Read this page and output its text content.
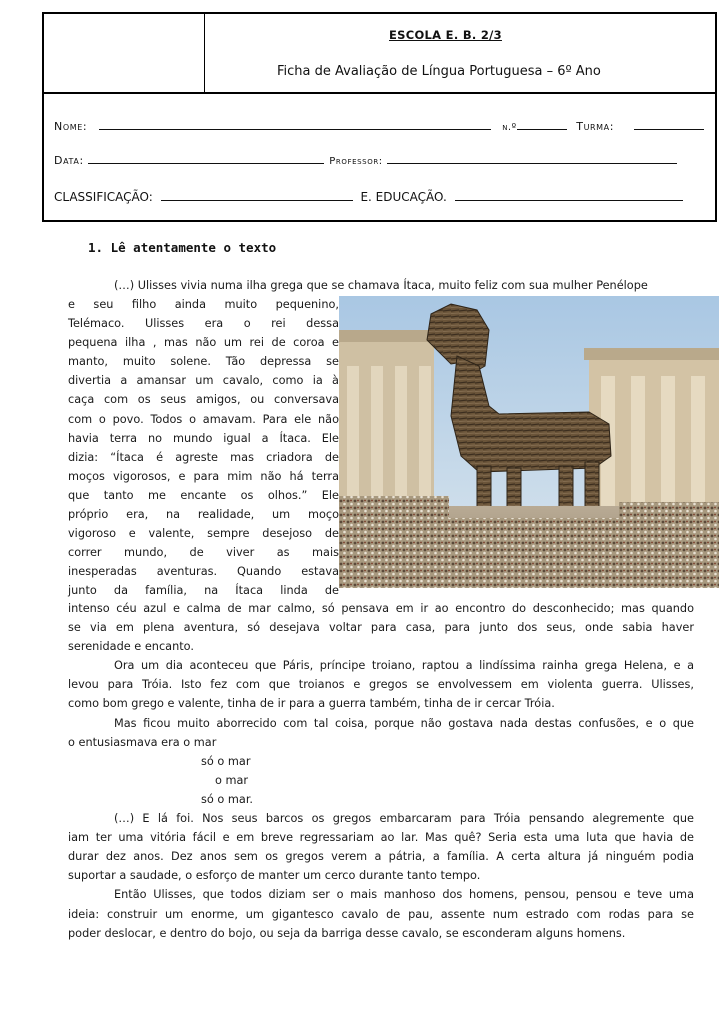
ESCOLA E. B. 2/3
Ficha de Avaliação de Língua Portuguesa – 6º Ano
Nome:	n.º	Turma:
Data:	Professor:
CLASSIFICAÇÃO:	E. EDUCAÇÃO.
1. Lê atentamente o texto
(…) Ulisses vivia numa ilha grega que se chamava Ítaca, muito feliz com sua mulher Penélope
e seu filho ainda muito pequenino,
Telémaco. Ulisses era o rei dessa
pequena ilha , mas não um rei de coroa e
manto, muito solene. Tão depressa se
divertia a amansar um cavalo, como ia à
caça com os seus amigos, ou conversava
com o povo. Todos o amavam. Para ele não
havia terra no mundo igual a Ítaca. Ele
dizia: “Ítaca é agreste mas criadora de
moços vigorosos, e para mim não há terra
que tanto me encante os olhos.” Ele
próprio era, na realidade, um moço
vigoroso e valente, sempre desejoso de
correr mundo, de viver as mais
inesperadas aventuras. Quando estava
junto da família, na Ítaca linda de
intenso céu azul e calma de mar calmo, só pensava em ir ao encontro do desconhecido; mas quando
se via em plena aventura, só desejava voltar para casa, para junto dos seus, onde sabia haver
serenidade e encanto.
Ora um dia aconteceu que Páris, príncipe troiano, raptou a lindíssima rainha grega Helena, e a
levou para Tróia. Isto fez com que troianos e gregos se envolvessem em violenta guerra. Ulisses,
como bom grego e valente, tinha de ir para a guerra também, tinha de ir cercar Tróia.
Mas ficou muito aborrecido com tal coisa, porque não gostava nada destas confusões, e o que
o entusiasmava era o mar
só o mar
o mar
só o mar.
(…) E lá foi. Nos seus barcos os gregos embarcaram para Tróia pensando alegremente que
iam ter uma vitória fácil e em breve regressariam ao lar. Mas quê? Seria esta uma luta que havia de
durar dez anos. Dez anos sem os gregos verem a pátria, a família. A certa altura já ninguém podia
suportar a saudade, o esforço de manter um cerco durante tanto tempo.
Então Ulisses, que todos diziam ser o mais manhoso dos homens, pensou, pensou e teve uma
ideia: construir um enorme, um gigantesco cavalo de pau, assente num estrado com rodas para se
poder deslocar, e dentro do bojo, ou seja da barriga desse cavalo, se esconderam alguns homens.
